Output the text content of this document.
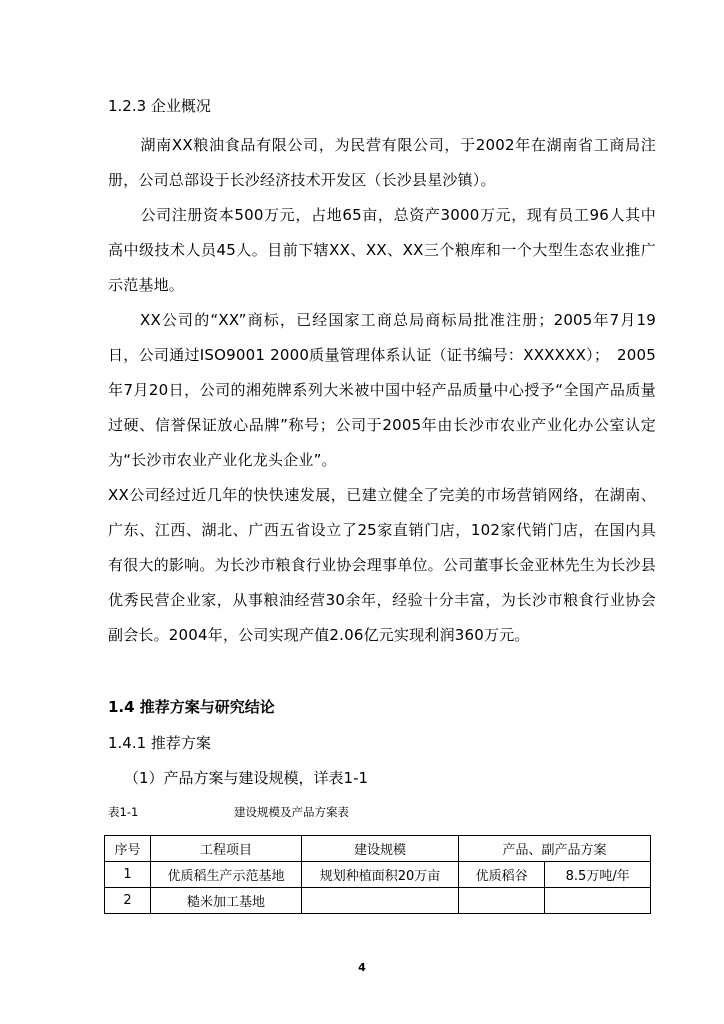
1.2.3 企业概况

湖南XX粮油食品有限公司，为民营有限公司，于2002年在湖南省工商局注册，公司总部设于长沙经济技术开发区（长沙县星沙镇）。

公司注册资本500万元，占地65亩，总资产3000万元，现有员工96人其中高中级技术人员45人。目前下辖XX、XX、XX三个粮库和一个大型生态农业推广示范基地。

XX公司的“XX”商标，已经国家工商总局商标局批准注册；2005年7月19日，公司通过ISO9001 2000质量管理体系认证（证书编号：XXXXXX）；　2005年7月20日，公司的湘苑牌系列大米被中国中轻产品质量中心授予“全国产品质量过硬、信誉保证放心品牌”称号；公司于2005年由长沙市农业产业化办公室认定为“长沙市农业产业化龙头企业”。

XX公司经过近几年的快快速发展，已建立健全了完美的市场营销网络，在湖南、广东、江西、湖北、广西五省设立了25家直销门店，102家代销门店，在国内具有很大的影响。为长沙市粮食行业协会理事单位。公司董事长金亚林先生为长沙县优秀民营企业家，从事粮油经营30余年，经验十分丰富，为长沙市粮食行业协会副会长。2004年，公司实现产值2.06亿元实现利润360万元。

1.4 推荐方案与研究结论
1.4.1 推荐方案
（1）产品方案与建设规模，详表1-1
表1-1	建设规模及产品方案表
序号	工程项目	建设规模	产品、副产品方案	
1	优质稻生产示范基地	规划种植面积20万亩	优质稻谷	8.5万吨/年
2	糙米加工基地			
4
